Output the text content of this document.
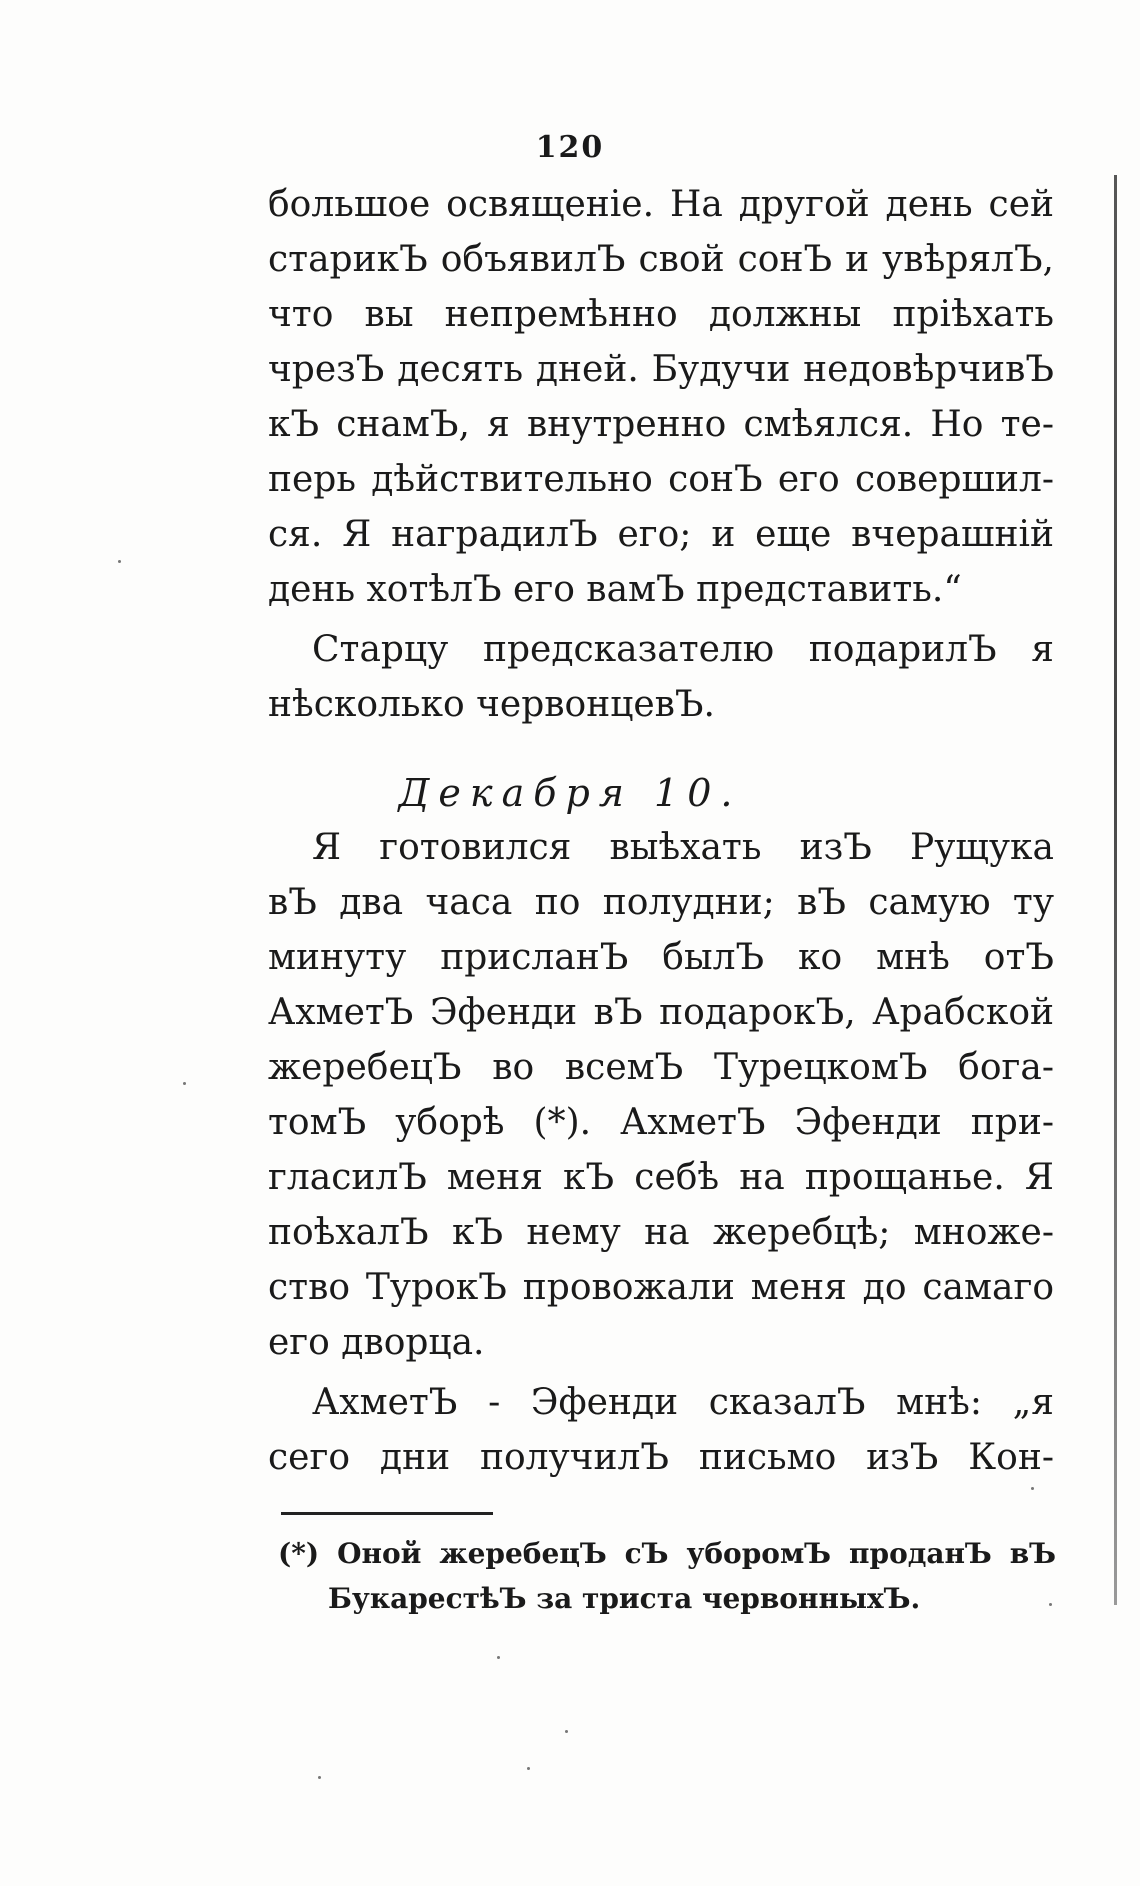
120
большое освященіе. На другой день сей
старикЪ объявилЪ свой сонЪ и увѣрялЪ,
что вы непремѣнно должны пріѣхать
чрезЪ десять дней. Будучи недовѣрчивЪ
кЪ снамЪ, я внутренно смѣялся. Но те-
перь дѣйствительно сонЪ его совершил-
ся. Я наградилЪ его; и еще вчерашній
день хотѣлЪ его вамЪ представить.“
Старцу предсказателю подарилЪ я
нѣсколько червонцевЪ.
Декабря 10.
Я готовился выѣхать изЪ Рущука
вЪ два часа по полудни; вЪ самую ту
минуту присланЪ былЪ ко мнѣ отЪ
АхметЪ Эфенди вЪ подарокЪ, Арабской
жеребецЪ во всемЪ ТурецкомЪ бога-
томЪ уборѣ (*). АхметЪ Эфенди при-
гласилЪ меня кЪ себѣ на прощанье. Я
поѣхалЪ кЪ нему на жеребцѣ; множе-
ство ТурокЪ провожали меня до самаго
его дворца.
АхметЪ - Эфенди сказалЪ мнѣ: „я
сего дни получилЪ письмо изЪ Кон-
(*) Оной жеребецЪ сЪ уборомЪ проданЪ вЪ
БукарестѣЪ за триста червонныхЪ.
